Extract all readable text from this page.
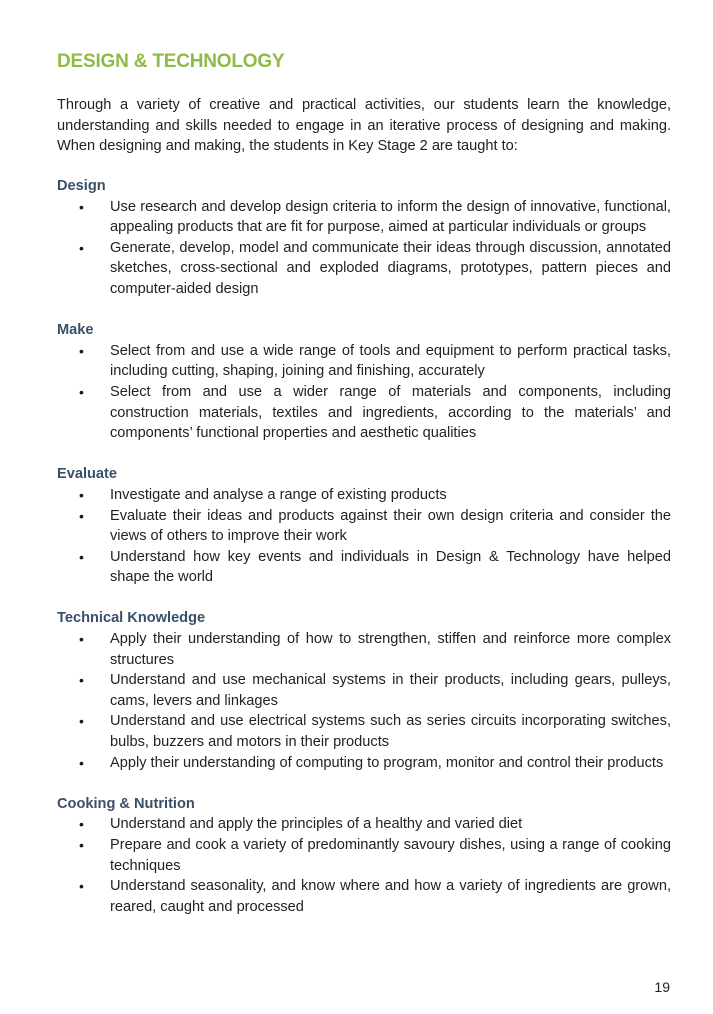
DESIGN & TECHNOLOGY

Through a variety of creative and practical activities, our students learn the knowledge, understanding and skills needed to engage in an iterative process of designing and making. When designing and making, the students in Key Stage 2 are taught to:

Design
• Use research and develop design criteria to inform the design of innovative, functional, appealing products that are fit for purpose, aimed at particular individuals or groups
• Generate, develop, model and communicate their ideas through discussion, annotated sketches, cross-sectional and exploded diagrams, prototypes, pattern pieces and computer-aided design
Make
• Select from and use a wide range of tools and equipment to perform practical tasks, including cutting, shaping, joining and finishing, accurately
• Select from and use a wider range of materials and components, including construction materials, textiles and ingredients, according to the materials’ and components’ functional properties and aesthetic qualities
Evaluate
• Investigate and analyse a range of existing products
• Evaluate their ideas and products against their own design criteria and consider the views of others to improve their work
• Understand how key events and individuals in Design & Technology have helped shape the world
Technical Knowledge
• Apply their understanding of how to strengthen, stiffen and reinforce more complex structures
• Understand and use mechanical systems in their products, including gears, pulleys, cams, levers and linkages
• Understand and use electrical systems such as series circuits incorporating switches, bulbs, buzzers and motors in their products
• Apply their understanding of computing to program, monitor and control their products
Cooking & Nutrition
• Understand and apply the principles of a healthy and varied diet
• Prepare and cook a variety of predominantly savoury dishes, using a range of cooking techniques
• Understand seasonality, and know where and how a variety of ingredients are grown, reared, caught and processed
19
